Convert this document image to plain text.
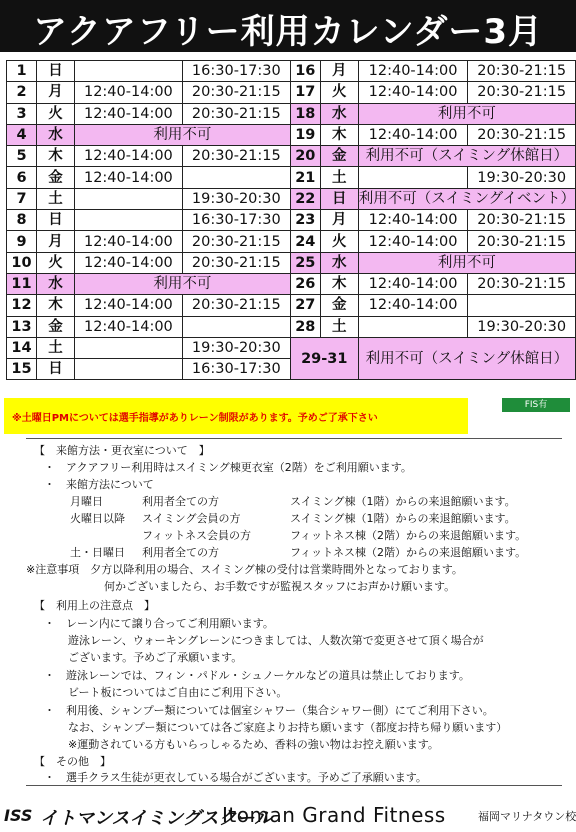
アクアフリー利用カレンダー3月
1	日		16:30-17:30	16	月	12:40-14:00	20:30-21:15
2	月	12:40-14:00	20:30-21:15	17	火	12:40-14:00	20:30-21:15
3	火	12:40-14:00	20:30-21:15	18	水	利用不可	
4	水	利用不可		19	木	12:40-14:00	20:30-21:15
5	木	12:40-14:00	20:30-21:15	20	金	利用不可（スイミング休館日）	
6	金	12:40-14:00		21	土		19:30-20:30
7	土		19:30-20:30	22	日	利用不可（スイミングイベント）	
8	日		16:30-17:30	23	月	12:40-14:00	20:30-21:15
9	月	12:40-14:00	20:30-21:15	24	火	12:40-14:00	20:30-21:15
10	火	12:40-14:00	20:30-21:15	25	水	利用不可	
11	水	利用不可		26	木	12:40-14:00	20:30-21:15
12	木	12:40-14:00	20:30-21:15	27	金	12:40-14:00	
13	金	12:40-14:00		28	土		19:30-20:30
14	土		19:30-20:30	29-31		利用不可（スイミング休館日）	
15	日		16:30-17:30				
※土曜日PMについては選手指導がありレーン制限があります。予めご了承下さい
FIS有
【　来館方法・更衣室について　】
・　アクアフリー利用時はスイミング棟更衣室（2階）をご利用願います。
・　来館方法について
月曜日	利用者全ての方	スイミング棟（1階）からの来退館願います。
火曜日以降 スイミング会員の方	スイミング棟（1階）からの来退館願います。
フィットネス会員の方	フィットネス棟（2階）からの来退館願います。
土・日曜日 利用者全ての方	フィットネス棟（2階）からの来退館願います。
※注意事項　夕方以降利用の場合、スイミング棟の受付は営業時間外となっております。
何かございましたら、お手数ですが監視スタッフにお声かけ願います。
【　利用上の注意点　】
・　レーン内にて譲り合ってご利用願います。
遊泳レーン、ウォーキングレーンにつきましては、人数次第で変更させて頂く場合が
ございます。予めご了承願います。
・　遊泳レーンでは、フィン・パドル・シュノーケルなどの道具は禁止しております。
ビート板についてはご自由にご利用下さい。
・　利用後、シャンプー類については個室シャワー（集合シャワー側）にてご利用下さい。
なお、シャンプー類については各ご家庭よりお持ち願います（都度お持ち帰り願います）
※運動されている方もいらっしゃるため、香料の強い物はお控え願います。
【　その他　】
・　選手クラス生徒が更衣している場合がございます。予めご了承願います。
ISS イトマンスイミングスクール
Itoman Grand Fitness	福岡マリナタウン校
